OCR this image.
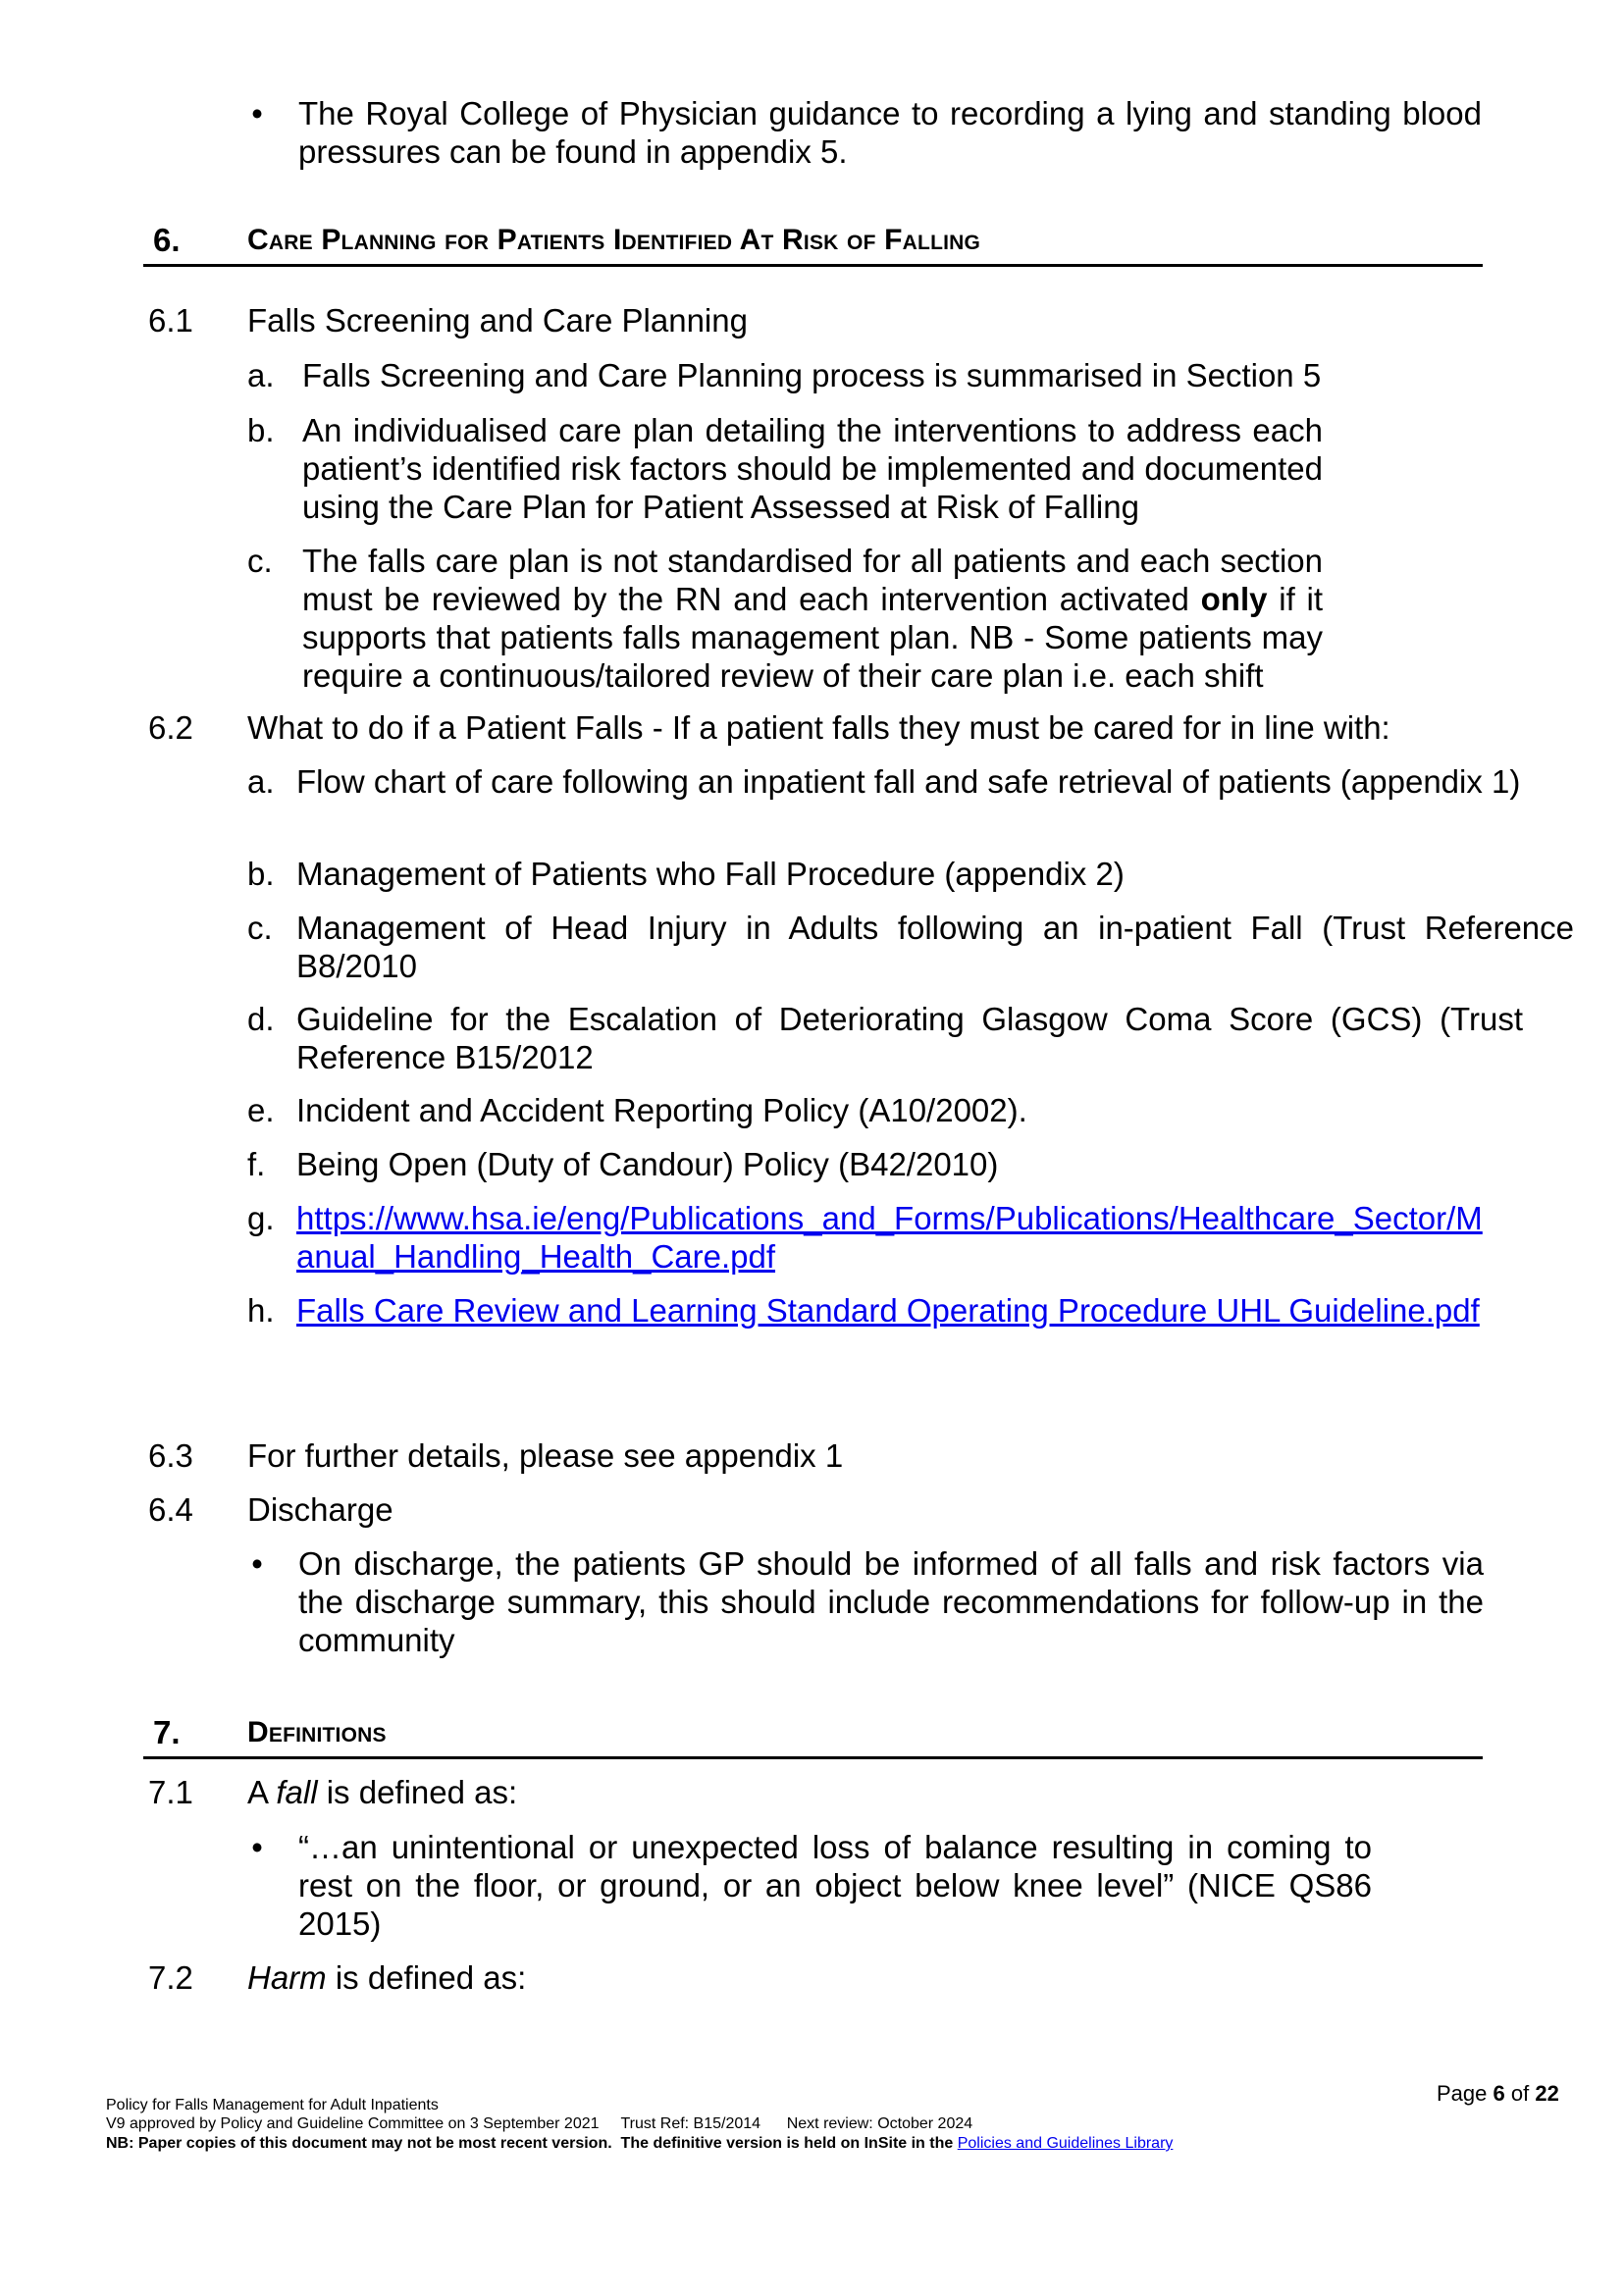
• The Royal College of Physician guidance to recording a lying and standing blood pressures can be found in appendix 5.
6. Care Planning for Patients Identified At Risk of Falling
6.1 Falls Screening and Care Planning
a. Falls Screening and Care Planning process is summarised in Section 5
b. An individualised care plan detailing the interventions to address each patient’s identified risk factors should be implemented and documented using the Care Plan for Patient Assessed at Risk of Falling
c. The falls care plan is not standardised for all patients and each section must be reviewed by the RN and each intervention activated only if it supports that patients falls management plan. NB - Some patients may require a continuous/tailored review of their care plan i.e. each shift
6.2 What to do if a Patient Falls - If a patient falls they must be cared for in line with:
a. Flow chart of care following an inpatient fall and safe retrieval of patients (appendix 1)
b. Management of Patients who Fall Procedure (appendix 2)
c. Management of Head Injury in Adults following an in-patient Fall (Trust Reference B8/2010
d. Guideline for the Escalation of Deteriorating Glasgow Coma Score (GCS) (Trust Reference B15/2012
e. Incident and Accident Reporting Policy (A10/2002).
f. Being Open (Duty of Candour) Policy (B42/2010)
g. https://www.hsa.ie/eng/Publications_and_Forms/Publications/Healthcare_Sector/Manual_Handling_Health_Care.pdf
h. Falls Care Review and Learning Standard Operating Procedure UHL Guideline.pdf
6.3 For further details, please see appendix 1
6.4 Discharge
• On discharge, the patients GP should be informed of all falls and risk factors via the discharge summary, this should include recommendations for follow-up in the community
7. Definitions
7.1 A fall is defined as:
• “…an unintentional or unexpected loss of balance resulting in coming to rest on the floor, or ground, or an object below knee level” (NICE QS86 2015)
7.2 Harm is defined as:
Page 6 of 22
Policy for Falls Management for Adult Inpatients
V9 approved by Policy and Guideline Committee on 3 September 2021     Trust Ref: B15/2014      Next review: October 2024
NB: Paper copies of this document may not be most recent version.  The definitive version is held on InSite in the Policies and Guidelines Library
